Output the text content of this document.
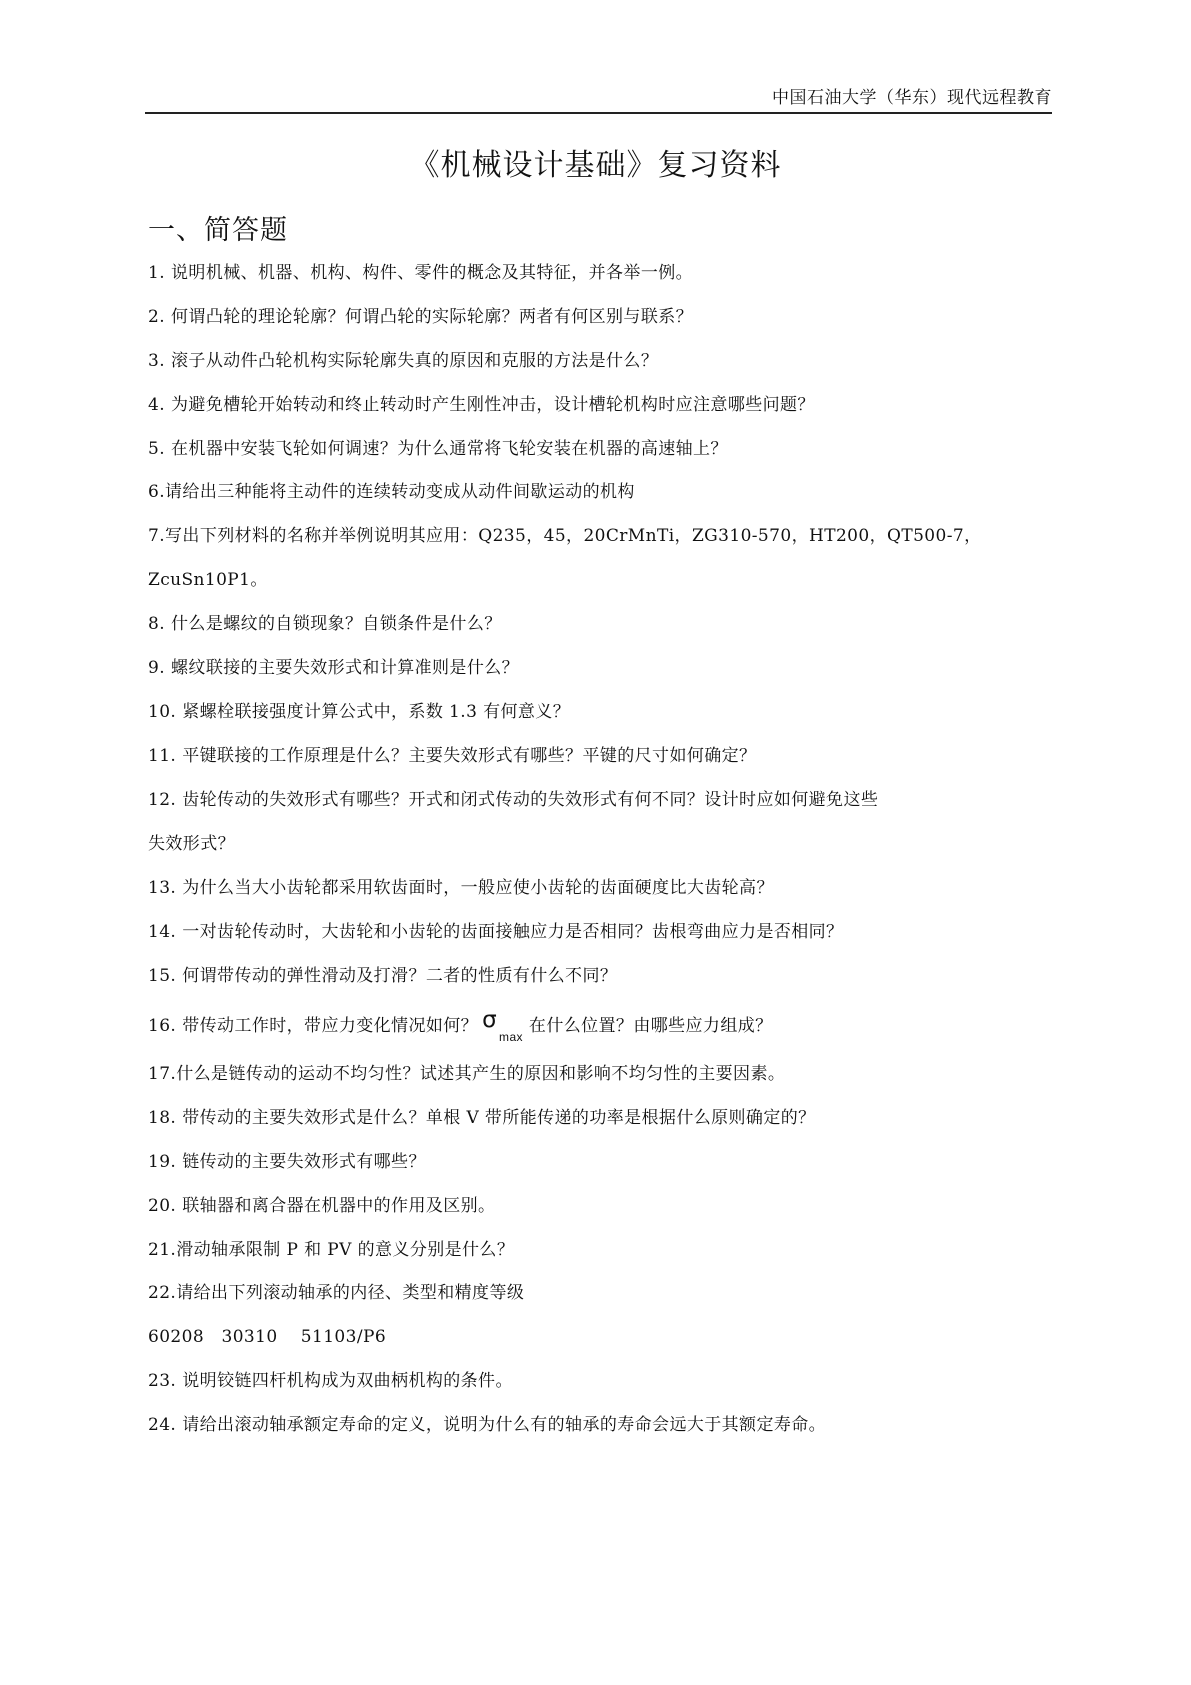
中国石油大学（华东）现代远程教育
《机械设计基础》复习资料
一、简答题
1. 说明机械、机器、机构、构件、零件的概念及其特征，并各举一例。
2. 何谓凸轮的理论轮廓？何谓凸轮的实际轮廓？两者有何区别与联系？
3. 滚子从动件凸轮机构实际轮廓失真的原因和克服的方法是什么？
4. 为避免槽轮开始转动和终止转动时产生刚性冲击，设计槽轮机构时应注意哪些问题？
5. 在机器中安装飞轮如何调速？为什么通常将飞轮安装在机器的高速轴上？
6.请给出三种能将主动件的连续转动变成从动件间歇运动的机构
7.写出下列材料的名称并举例说明其应用：Q235，45，20CrMnTi，ZG310-570，HT200，QT500-7，
ZcuSn10P1。
8. 什么是螺纹的自锁现象？自锁条件是什么？
9. 螺纹联接的主要失效形式和计算准则是什么？
10. 紧螺栓联接强度计算公式中，系数 1.3 有何意义？
11. 平键联接的工作原理是什么？主要失效形式有哪些？平键的尺寸如何确定？
12. 齿轮传动的失效形式有哪些？开式和闭式传动的失效形式有何不同？设计时应如何避免这些
失效形式？
13. 为什么当大小齿轮都采用软齿面时，一般应使小齿轮的齿面硬度比大齿轮高？
14. 一对齿轮传动时，大齿轮和小齿轮的齿面接触应力是否相同？齿根弯曲应力是否相同？
15. 何谓带传动的弹性滑动及打滑？二者的性质有什么不同？
16. 带传动工作时，带应力变化情况如何？ $\sigma_{max}$在什么位置？由哪些应力组成？
17.什么是链传动的运动不均匀性？试述其产生的原因和影响不均匀性的主要因素。
18. 带传动的主要失效形式是什么？单根 V 带所能传递的功率是根据什么原则确定的？
19. 链传动的主要失效形式有哪些？
20. 联轴器和离合器在机器中的作用及区别。
21.滑动轴承限制 P 和 PV 的意义分别是什么？
22.请给出下列滚动轴承的内径、类型和精度等级
60208   30310    51103/P6
23. 说明铰链四杆机构成为双曲柄机构的条件。
24. 请给出滚动轴承额定寿命的定义，说明为什么有的轴承的寿命会远大于其额定寿命。
